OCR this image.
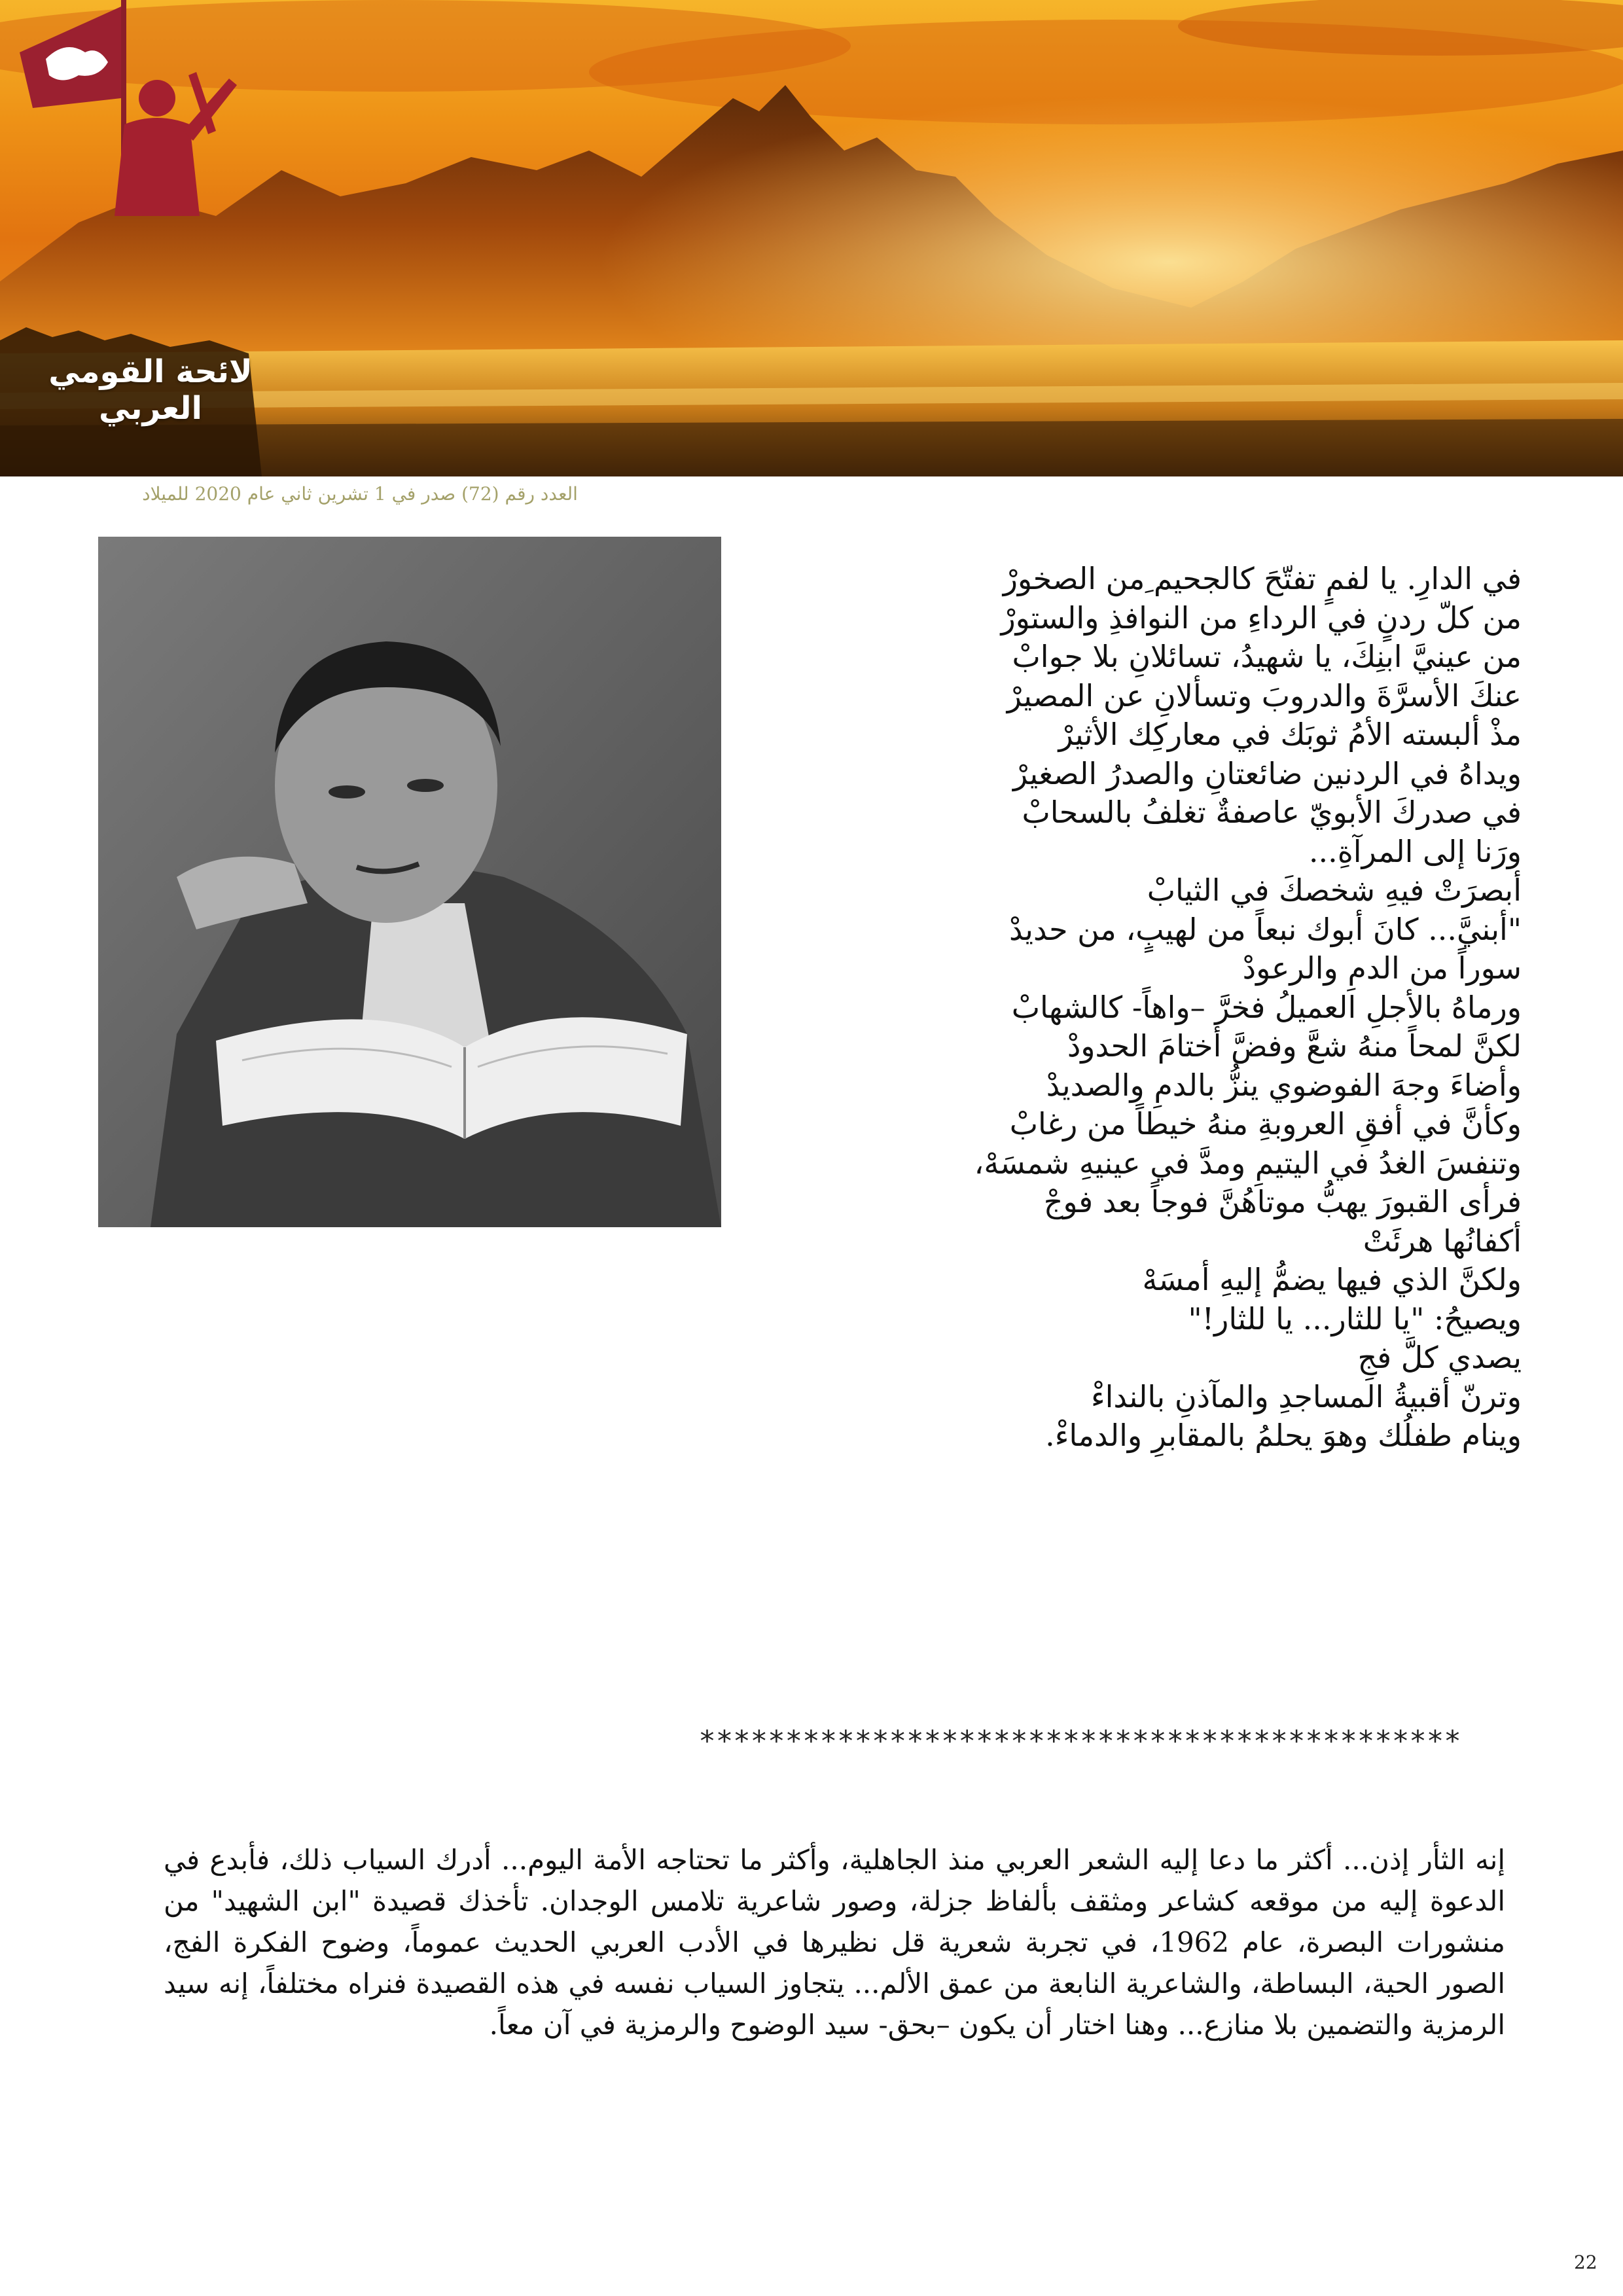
لائحة القومي العربي
العدد رقم (72) صدر في 1 تشرين ثاني عام 2020 للميلاد
في الدارِ. يا لفمٍ تفتّحَ كالجحيم ِمن الصخورْ
من كلّ ردنٍ في الرداءِ من النوافذِ والستورْ
من عينيَّ ابنِكَ، يا شهيدُ، تسائلانِ بلا جوابْ
عنكَ الأسرَّةَ والدروبَ وتسألانِ عن المصيرْ
مذْ ألبسته الأمُ ثوبَك في معاركِك الأثيرْ
ويداهُ في الردنين ضائعتانِ والصدرُ الصغيرْ
في صدركَ الأبويّ عاصفةٌ تغلفُ بالسحابْ
ورَنا إلى المرآةِ...
أبصرَتْ فيهِ شخصكَ في الثيابْ
"أبنيَّ... كانَ أبوك نبعاً من لهيبٍ، من حديدْ
سوراً من الدمِ والرعودْ
ورماهُ بالأجلِ العميلُ فخرَّ –واهاً- كالشهابْ
لكنَّ لمحاً منهُ شعَّ وفضَّ أختامَ الحدودْ
وأضاءَ وجهَ الفوضوي ينزُّ بالدمِ والصديدْ
وكأنَّ في أفقِ العروبةِ منهُ خيطاً من رغابْ
وتنفسَ الغدُ في اليتيمِ ومدَّ في عينيهِ شمسَهْ،
فرأى القبورَ يهبُّ موتاهُنَّ فوجاً بعد فوجْ
أكفانُها هرئَتْ
ولكنَّ الذي فيها يضمُّ إليهِ أمسَهْ
ويصيحُ: "يا للثار... يا للثار!"
يصدي كلَّ فجِ
وترنّ أقبيةُ المساجدِ والمآذنِ بالنداءْ
وينام طفلُك وهوَ يحلمُ بالمقابرِ والدماءْ.
********************************************

إنه الثأر إذن... أكثر ما دعا إليه الشعر العربي منذ الجاهلية، وأكثر ما تحتاجه الأمة اليوم... أدرك السياب ذلك، فأبدع في الدعوة إليه من موقعه كشاعر ومثقف بألفاظ جزلة، وصور شاعرية تلامس الوجدان. تأخذك قصيدة "ابن الشهيد" من منشورات البصرة، عام 1962، في تجربة شعرية قل نظيرها في الأدب العربي الحديث عموماً، وضوح الفكرة الفج، الصور الحية، البساطة، والشاعرية النابعة من عمق الألم... يتجاوز السياب نفسه في هذه القصيدة فنراه مختلفاً، إنه سيد الرمزية والتضمين بلا منازع... وهنا اختار أن يكون –بحق- سيد الوضوح والرمزية في آن معاً.

22
